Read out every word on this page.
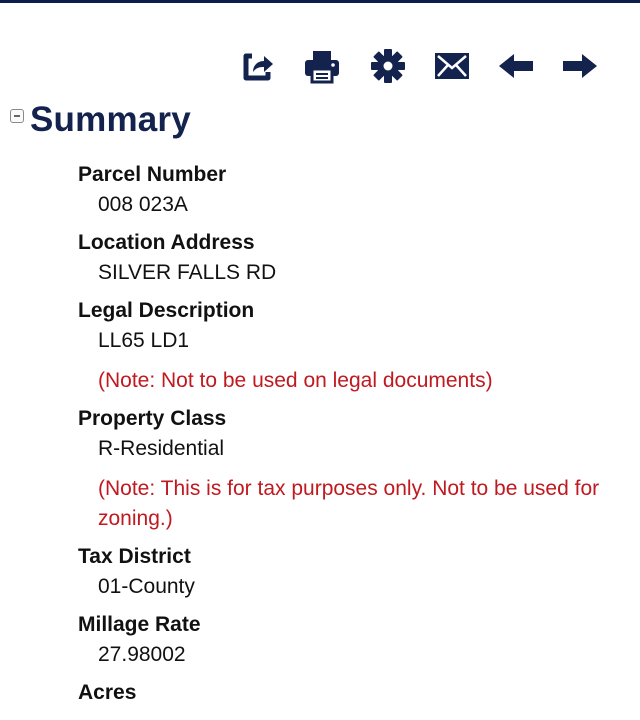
Summary
Parcel Number
008 023A
Location Address
SILVER FALLS RD
Legal Description
LL65 LD1
(Note: Not to be used on legal documents)
Property Class
R-Residential
(Note: This is for tax purposes only. Not to be used for zoning.)
Tax District
01-County
Millage Rate
27.98002
Acres
